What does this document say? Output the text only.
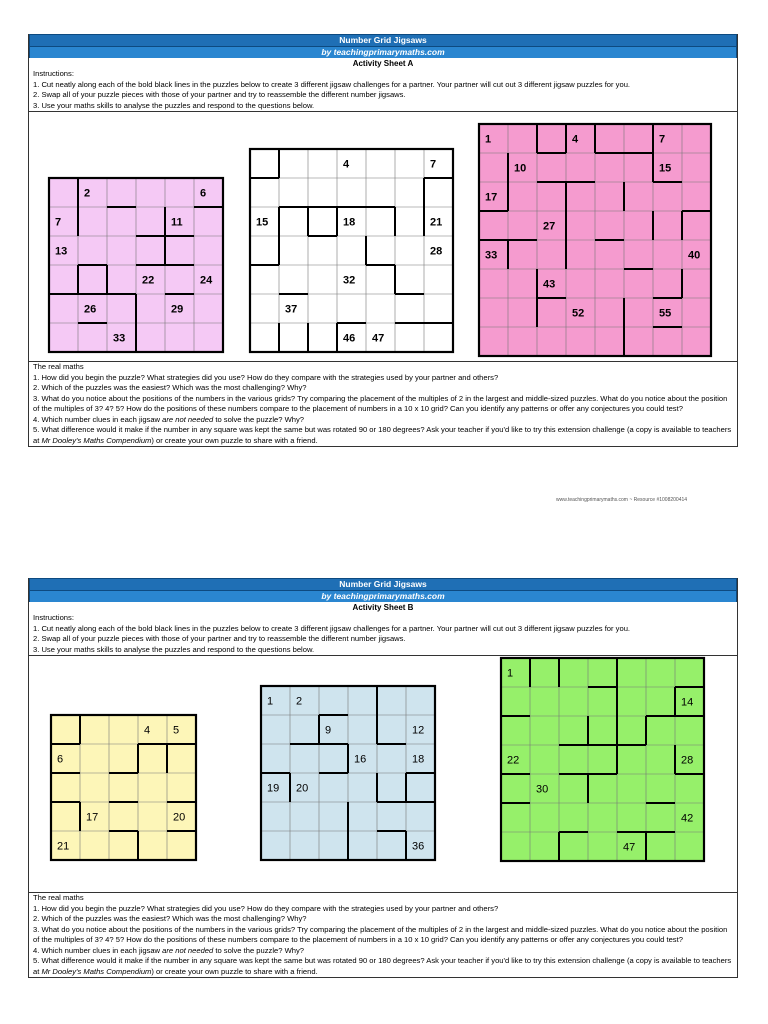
Number Grid Jigsaws
by teachingprimarymaths.com
Activity Sheet A
Instructions:
1. Cut neatly along each of the bold black lines in the puzzles below to create 3 different jigsaw challenges for a partner. Your partner will cut out 3 different jigsaw puzzles for you.
2. Swap all of your puzzle pieces with those of your partner and try to reassemble the different number jigsaws.
3. Use your maths skills to analyse the puzzles and respond to the questions below.
2	6
7	11
13
22	24
26	29
33
4	7
15	18	21
28
32
37
46 47
1	4	7
10	15
17
27
33	40
43
52	55
The real maths
1. How did you begin the puzzle? What strategies did you use? How do they compare with the strategies used by your partner and others?
2. Which of the puzzles was the easiest? Which was the most challenging? Why?
3. What do you notice about the positions of the numbers in the various grids? Try comparing the placement of the multiples of 2 in the largest and middle-sized puzzles. What do you notice about the position of the multiples of 3? 4? 5? How do the positions of these numbers compare to the placement of numbers in a 10 x 10 grid? Can you identify any patterns or offer any conjectures you could test?
4. Which number clues in each jigsaw are not needed to solve the puzzle? Why?
5. What difference would it make if the number in any square was kept the same but was rotated 90 or 180 degrees? Ask your teacher if you'd like to try this extension challenge (a copy is available to teachers at Mr Dooley's Maths Compendium) or create your own puzzle to share with a friend.
www.teachingprimarymaths.com ~ Resource #1008200414
Number Grid Jigsaws
by teachingprimarymaths.com
Activity Sheet B
Instructions:
1. Cut neatly along each of the bold black lines in the puzzles below to create 3 different jigsaw challenges for a partner. Your partner will cut out 3 different jigsaw puzzles for you.
2. Swap all of your puzzle pieces with those of your partner and try to reassemble the different number jigsaws.
3. Use your maths skills to analyse the puzzles and respond to the questions below.
4 5
6
17	20
21
1 2
9	12
16	18
19 20
36
1
14
22	28
30
42
47
The real maths
1. How did you begin the puzzle? What strategies did you use? How do they compare with the strategies used by your partner and others?
2. Which of the puzzles was the easiest? Which was the most challenging? Why?
3. What do you notice about the positions of the numbers in the various grids? Try comparing the placement of the multiples of 2 in the largest and middle-sized puzzles. What do you notice about the position of the multiples of 3? 4? 5? How do the positions of these numbers compare to the placement of numbers in a 10 x 10 grid? Can you identify any patterns or offer any conjectures you could test?
4. Which number clues in each jigsaw are not needed to solve the puzzle? Why?
5. What difference would it make if the number in any square was kept the same but was rotated 90 or 180 degrees? Ask your teacher if you'd like to try this extension challenge (a copy is available to teachers at Mr Dooley's Maths Compendium) or create your own puzzle to share with a friend.
